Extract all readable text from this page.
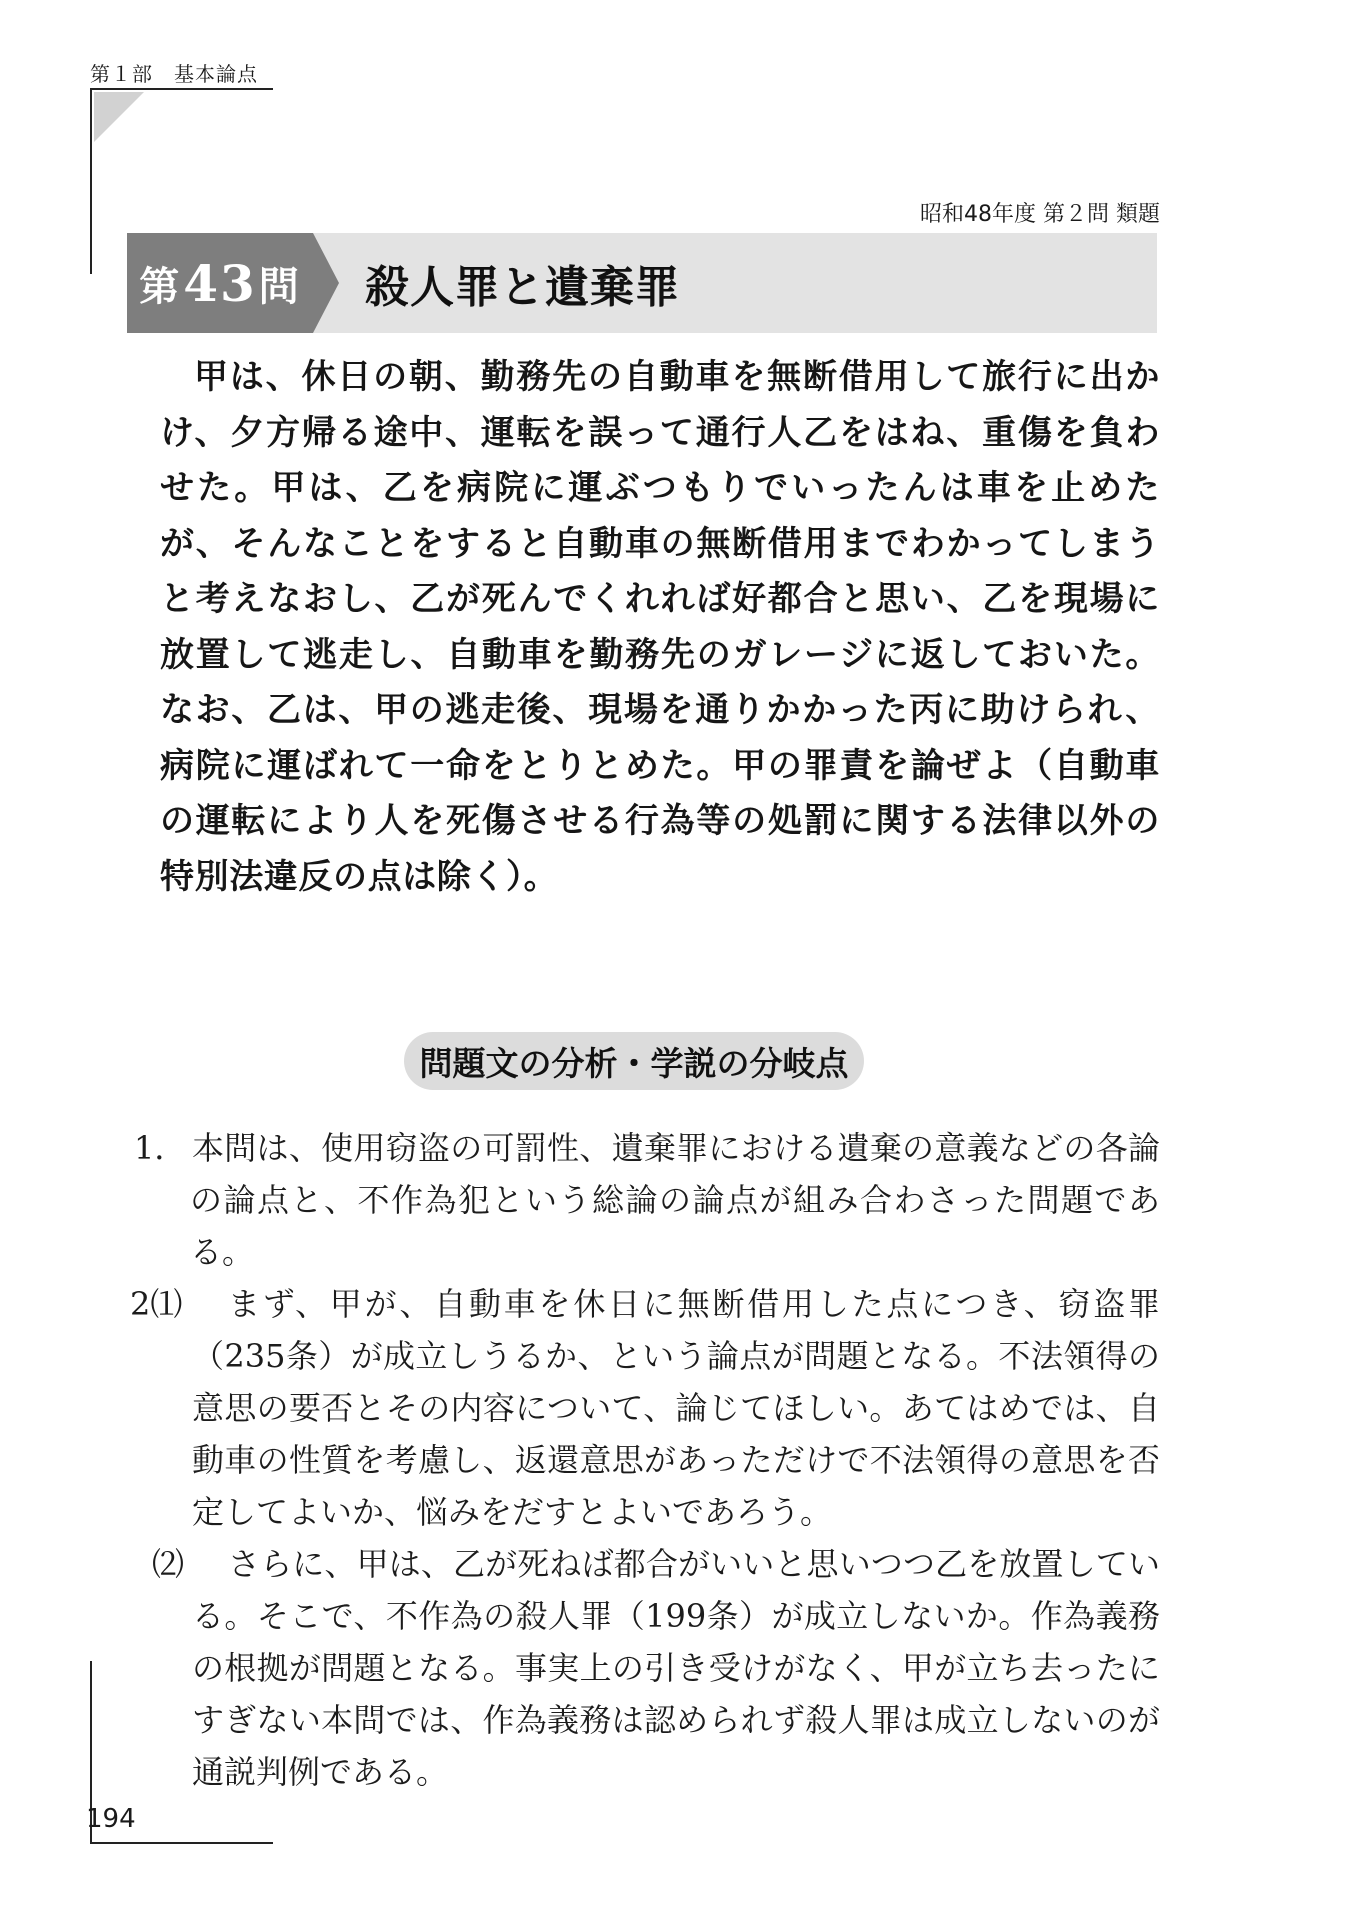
第１部　基本論点
昭和48年度 第２問 類題
第 43 問 殺人罪と遺棄罪
甲は、休日の朝、勤務先の自動車を無断借用して旅行に出かけ、夕方帰る途中、運転を誤って通行人乙をはね、重傷を負わせた。甲は、乙を病院に運ぶつもりでいったんは車を止めたが、そんなことをすると自動車の無断借用までわかってしまうと考えなおし、乙が死んでくれれば好都合と思い、乙を現場に放置して逃走し、自動車を勤務先のガレージに返しておいた。なお、乙は、甲の逃走後、現場を通りかかった丙に助けられ、病院に運ばれて一命をとりとめた。甲の罪責を論ぜよ（自動車の運転により人を死傷させる行為等の処罰に関する法律以外の特別法違反の点は除く）。
問題文の分析・学説の分岐点
1． 本問は、使用窃盗の可罰性、遺棄罪における遺棄の意義などの各論の論点と、不作為犯という総論の論点が組み合わさった問題である。
2⑴	まず、甲が、自動車を休日に無断借用した点につき、窃盗罪（235条）が成立しうるか、という論点が問題となる。不法領得の意思の要否とその内容について、論じてほしい。あてはめでは、自動車の性質を考慮し、返還意思があっただけで不法領得の意思を否定してよいか、悩みをだすとよいであろう。
⑵	さらに、甲は、乙が死ねば都合がいいと思いつつ乙を放置している。そこで、不作為の殺人罪（199条）が成立しないか。作為義務の根拠が問題となる。事実上の引き受けがなく、甲が立ち去ったにすぎない本問では、作為義務は認められず殺人罪は成立しないのが通説判例である。
194
